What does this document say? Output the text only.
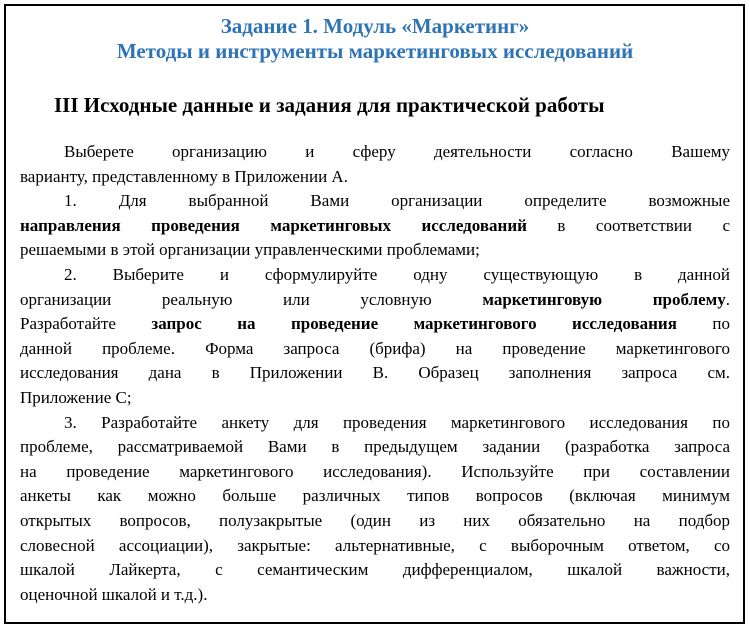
Задание 1. Модуль «Маркетинг»
Методы и инструменты маркетинговых исследований
III Исходные данные и задания для практической работы
Выберете организацию и сферу деятельности согласно Вашему
варианту, представленному в Приложении А.
1. Для выбранной Вами организации определите возможные
направления проведения маркетинговых исследований в соответствии с
решаемыми в этой организации управленческими проблемами;
2. Выберите и сформулируйте одну существующую в данной
организации реальную или условную маркетинговую проблему.
Разработайте запрос на проведение маркетингового исследования по
данной проблеме. Форма запроса (брифа) на проведение маркетингового
исследования дана в Приложении В. Образец заполнения запроса см.
Приложение С;
3. Разработайте анкету для проведения маркетингового исследования по
проблеме, рассматриваемой Вами в предыдущем задании (разработка запроса
на проведение маркетингового исследования). Используйте при составлении
анкеты как можно больше различных типов вопросов (включая минимум
открытых вопросов, полузакрытые (один из них обязательно на подбор
словесной ассоциации), закрытые: альтернативные, с выборочным ответом, со
шкалой Лайкерта, с семантическим дифференциалом, шкалой важности,
оценочной шкалой и т.д.).
